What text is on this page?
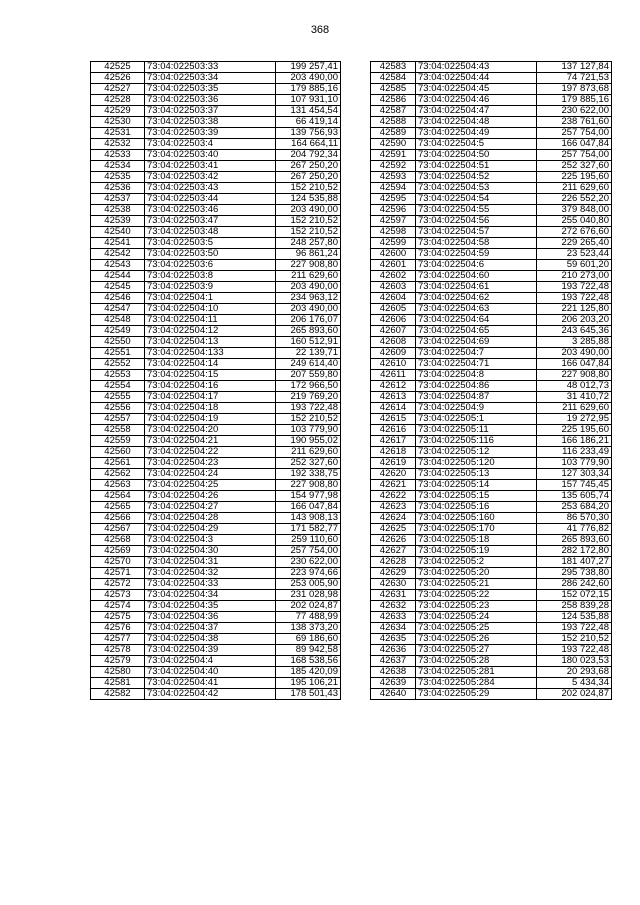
368
42525	73:04:022503:33	199 257,41
42526	73:04:022503:34	203 490,00
42527	73:04:022503:35	179 885,16
42528	73:04:022503:36	107 931,10
42529	73:04:022503:37	131 454,54
42530	73:04:022503:38	66 419,14
42531	73:04:022503:39	139 756,93
42532	73:04:022503:4	164 664,11
42533	73:04:022503:40	204 792,34
42534	73:04:022503:41	267 250,20
42535	73:04:022503:42	267 250,20
42536	73:04:022503:43	152 210,52
42537	73:04:022503:44	124 535,88
42538	73:04:022503:46	203 490,00
42539	73:04:022503:47	152 210,52
42540	73:04:022503:48	152 210,52
42541	73:04:022503:5	248 257,80
42542	73:04:022503:50	96 861,24
42543	73:04:022503:6	227 908,80
42544	73:04:022503:8	211 629,60
42545	73:04:022503:9	203 490,00
42546	73:04:022504:1	234 963,12
42547	73:04:022504:10	203 490,00
42548	73:04:022504:11	206 176,07
42549	73:04:022504:12	265 893,60
42550	73:04:022504:13	160 512,91
42551	73:04:022504:133	22 139,71
42552	73:04:022504:14	249 614,40
42553	73:04:022504:15	207 559,80
42554	73:04:022504:16	172 966,50
42555	73:04:022504:17	219 769,20
42556	73:04:022504:18	193 722,48
42557	73:04:022504:19	152 210,52
42558	73:04:022504:20	103 779,90
42559	73:04:022504:21	190 955,02
42560	73:04:022504:22	211 629,60
42561	73:04:022504:23	252 327,60
42562	73:04:022504:24	192 338,75
42563	73:04:022504:25	227 908,80
42564	73:04:022504:26	154 977,98
42565	73:04:022504:27	166 047,84
42566	73:04:022504:28	143 908,13
42567	73:04:022504:29	171 582,77
42568	73:04:022504:3	259 110,60
42569	73:04:022504:30	257 754,00
42570	73:04:022504:31	230 622,00
42571	73:04:022504:32	223 974,66
42572	73:04:022504:33	253 005,90
42573	73:04:022504:34	231 028,98
42574	73:04:022504:35	202 024,87
42575	73:04:022504:36	77 488,99
42576	73:04:022504:37	138 373,20
42577	73:04:022504:38	69 186,60
42578	73:04:022504:39	89 942,58
42579	73:04:022504:4	168 538,56
42580	73:04:022504:40	185 420,09
42581	73:04:022504:41	195 106,21
42582	73:04:022504:42	178 501,43
42583	73:04:022504:43	137 127,84
42584	73:04:022504:44	74 721,53
42585	73:04:022504:45	197 873,68
42586	73:04:022504:46	179 885,16
42587	73:04:022504:47	230 622,00
42588	73:04:022504:48	238 761,60
42589	73:04:022504:49	257 754,00
42590	73:04:022504:5	166 047,84
42591	73:04:022504:50	257 754,00
42592	73:04:022504:51	252 327,60
42593	73:04:022504:52	225 195,60
42594	73:04:022504:53	211 629,60
42595	73:04:022504:54	226 552,20
42596	73:04:022504:55	379 848,00
42597	73:04:022504:56	255 040,80
42598	73:04:022504:57	272 676,60
42599	73:04:022504:58	229 265,40
42600	73:04:022504:59	23 523,44
42601	73:04:022504:6	59 601,20
42602	73:04:022504:60	210 273,00
42603	73:04:022504:61	193 722,48
42604	73:04:022504:62	193 722,48
42605	73:04:022504:63	221 125,80
42606	73:04:022504:64	206 203,20
42607	73:04:022504:65	243 645,36
42608	73:04:022504:69	3 285,88
42609	73:04:022504:7	203 490,00
42610	73:04:022504:71	166 047,84
42611	73:04:022504:8	227 908,80
42612	73:04:022504:86	48 012,73
42613	73:04:022504:87	31 410,72
42614	73:04:022504:9	211 629,60
42615	73:04:022505:1	19 272,95
42616	73:04:022505:11	225 195,60
42617	73:04:022505:116	166 186,21
42618	73:04:022505:12	116 233,49
42619	73:04:022505:120	103 779,90
42620	73:04:022505:13	127 303,34
42621	73:04:022505:14	157 745,45
42622	73:04:022505:15	135 605,74
42623	73:04:022505:16	253 684,20
42624	73:04:022505:160	86 570,30
42625	73:04:022505:170	41 776,82
42626	73:04:022505:18	265 893,60
42627	73:04:022505:19	282 172,80
42628	73:04:022505:2	181 407,27
42629	73:04:022505:20	295 738,80
42630	73:04:022505:21	286 242,60
42631	73:04:022505:22	152 072,15
42632	73:04:022505:23	258 839,28
42633	73:04:022505:24	124 535,88
42634	73:04:022505:25	193 722,48
42635	73:04:022505:26	152 210,52
42636	73:04:022505:27	193 722,48
42637	73:04:022505:28	180 023,53
42638	73:04:022505:281	20 293,68
42639	73:04:022505:284	5 434,34
42640	73:04:022505:29	202 024,87
